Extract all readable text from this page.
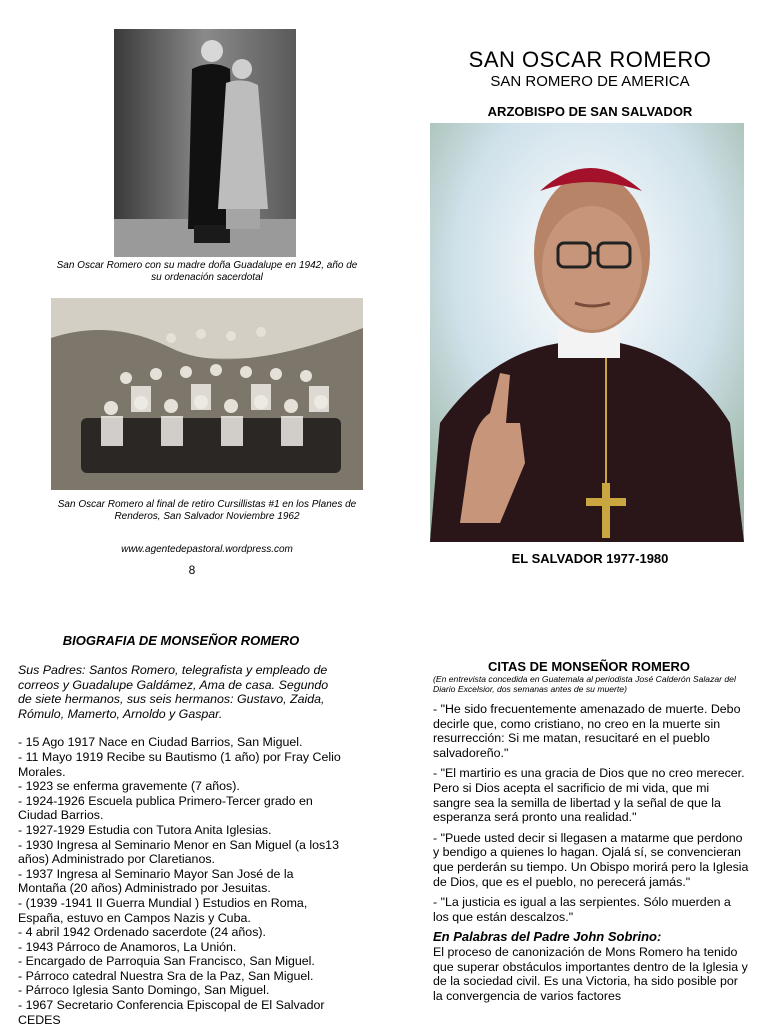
San Oscar Romero con su madre doña Guadalupe en 1942, año de su ordenación sacerdotal
San Oscar Romero al final de retiro Cursillistas #1 en los Planes de Renderos, San Salvador Noviembre 1962
www.agentedepastoral.wordpress.com
8
SAN OSCAR ROMERO
SAN ROMERO DE AMERICA
ARZOBISPO DE SAN SALVADOR
EL SALVADOR 1977-1980
BIOGRAFIA DE MONSEÑOR ROMERO

Sus Padres: Santos Romero, telegrafista y empleado de correos y Guadalupe Galdámez, Ama de casa. Segundo de siete hermanos, sus seis hermanos: Gustavo, Zaida, Rómulo, Mamerto, Arnoldo y Gaspar.

- 15 Ago 1917 Nace en Ciudad Barrios, San Miguel.

- 11 Mayo 1919 Recibe su Bautismo (1 año) por Fray Celio Morales.

- 1923 se enferma gravemente (7 años).

- 1924-1926 Escuela publica Primero-Tercer grado en Ciudad Barrios.

- 1927-1929 Estudia con Tutora Anita Iglesias.

- 1930 Ingresa al Seminario Menor en San Miguel (a los13 años) Administrado por Claretianos.

- 1937 Ingresa al Seminario Mayor San José de la Montaña (20 años) Administrado por Jesuitas.

- (1939 -1941 II Guerra Mundial ) Estudios en Roma, España, estuvo en Campos Nazis y Cuba.

- 4 abril 1942 Ordenado sacerdote (24 años).

- 1943 Párroco de Anamoros, La Unión.

- Encargado de Parroquia San Francisco, San Miguel.

- Párroco catedral Nuestra Sra de la Paz, San Miguel.

- Párroco Iglesia Santo Domingo, San Miguel.

- 1967 Secretario Conferencia Episcopal de El Salvador CEDES

CITAS DE MONSEÑOR ROMERO
(En entrevista concedida en Guatemala al periodista José Calderón Salazar del Diario Excelsior, dos semanas antes de su muerte)

- "He sido frecuentemente amenazado de muerte. Debo decirle que, como cristiano, no creo en la muerte sin resurrección: Si me matan, resucitaré en el pueblo salvadoreño."

- "El martirio es una gracia de Dios que no creo merecer. Pero si Dios acepta el sacrificio de mi vida, que mi sangre sea la semilla de libertad y la señal de que la esperanza será pronto una realidad."

- "Puede usted decir si llegasen a matarme que perdono y bendigo a quienes lo hagan. Ojalá sí, se convencieran que perderán su tiempo. Un Obispo morirá pero la Iglesia de Dios, que es el pueblo, no perecerá jamás."

- "La justicia es igual a las serpientes. Sólo muerden a los que están descalzos."

En Palabras del Padre John Sobrino:

El proceso de canonización de Mons Romero ha tenido que superar obstáculos importantes dentro de la Iglesia y de la sociedad civil. Es una Victoria, ha sido posible por la convergencia de varios factores
